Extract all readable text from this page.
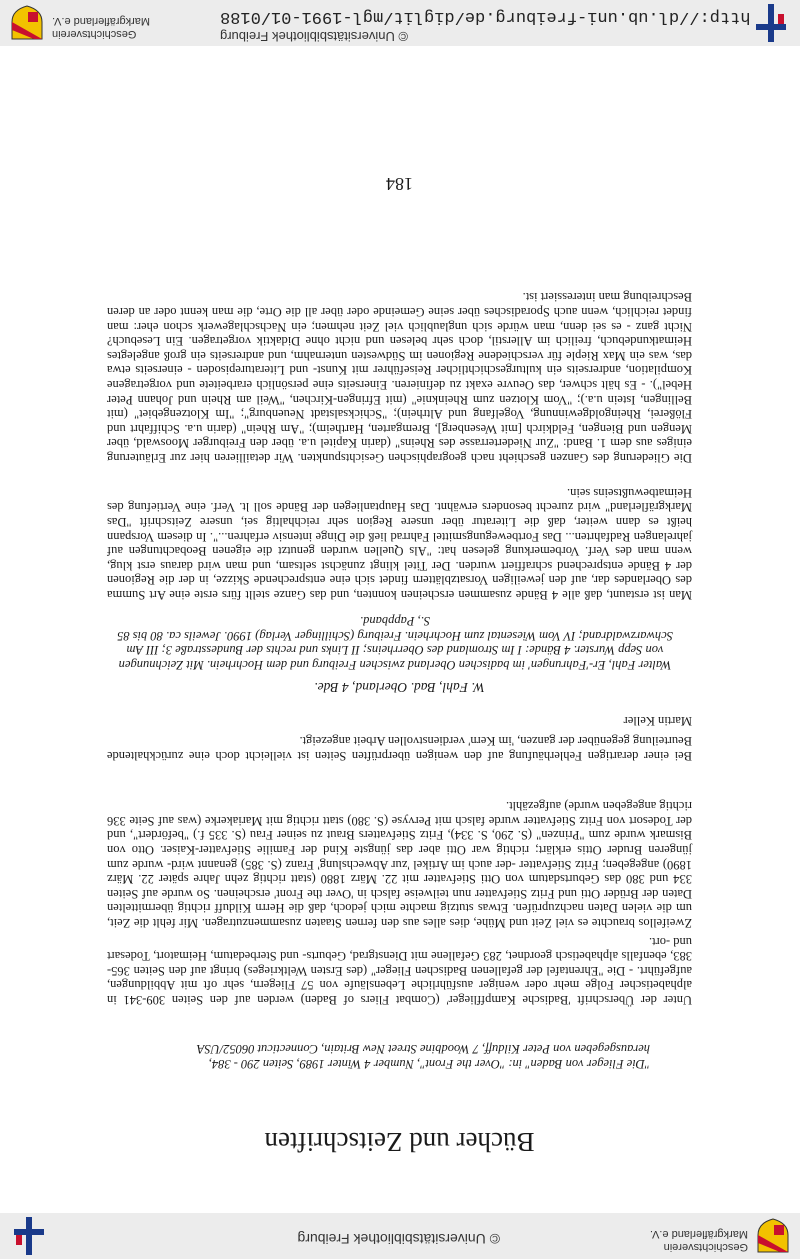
Geschichtsverein
Markgräflerland e.V.
© Universitätsbibliothek Freiburg
Bücher und Zeitschriften

"Die Flieger von Baden" in: "Over the Front", Number 4 Winter 1989, Seiten 290 - 384, herausgegeben von Peter Kilduff, 7 Woodbine Street New Britain, Connecticut 06052/USA

Unter der Überschrift 'Badische Kampfflieger' (Combat Fliers of Baden) werden auf den Seiten 309-341 in alphabetischer Folge mehr oder weniger ausführliche Lebensläufe von 57 Fliegern, sehr oft mit Abbildungen, aufgeführt. - Die "Ehrentafel der gefallenen Badischen Flieger" (des Ersten Weltkrieges) bringt auf den Seiten 365-383, ebenfalls alphabetisch geordnet, 283 Gefallene mit Dienstgrad, Geburts- und Sterbedatum, Heimatort, Todesart und -ort.

Zweifellos brauchte es viel Zeit und Mühe, dies alles aus den fernen Staaten zusammenzutragen. Mir fehlt die Zeit, um die vielen Daten nachzuprüfen. Etwas stutzig machte mich jedoch, daß die Herrn Kilduff richtig übermittelten Daten der Brüder Otti und Fritz Stiefvatter nun teilweise falsch in 'Over the Front' erscheinen. So wurde auf Seiten 334 und 380 das Geburtsdatum von Otti Stiefvatter mit 22. März 1880 (statt richtig zehn Jahre später 22. März 1890) angegeben; Fritz Stiefvatter -der auch im Artikel 'zur Abwechslung' Franz (S. 385) genannt wird- wurde zum jüngeren Bruder Ottis erklärt; richtig war Otti aber das jüngste Kind der Familie Stiefvatter-Kaiser. Otto von Bismark wurde zum "Prinzen" (S. 290, S. 334), Fritz Stiefvatters Braut zu seiner Frau (S. 335 f.) "befördert", und der Todesort von Fritz Stiefvatter wurde falsch mit Pervyse (S. 380) statt richtig mit Mariakerke (was auf Seite 336 richtig angegeben wurde) aufgezählt.

Bei einer derartigen Fehlerhäufung auf den wenigen überprüften Seiten ist vielleicht doch eine zurückhaltende Beurteilung gegenüber der ganzen, 'im Kern' verdienstvollen Arbeit angezeigt.

Martin Keller

W. Fahl, Bad. Oberland, 4 Bde.

Walter Fahl, Er-'Fahrungen' im badischen Oberland zwischen Freiburg und dem Hochrhein. Mit Zeichnungen von Sepp Wurster. 4 Bände: I Im Stromland des Oberrheins; II Links und rechts der Bundesstraße 3; III Am Schwarzwaldrand; IV Vom Wiesental zum Hochrhein. Freiburg (Schillinger Verlag) 1990. Jeweils ca. 80 bis 85 S., Pappband.

Man ist erstaunt, daß alle 4 Bände zusammen erscheinen konnten, und das Ganze stellt fürs erste eine Art Summa des Oberlandes dar, auf den jeweiligen Vorsatzblättern findet sich eine entsprechende Skizze, in der die Regionen der 4 Bände entsprechend schraffiert wurden. Der Titel klingt zunächst seltsam, und man wird daraus erst klug, wenn man des Verf. Vorbemerkung gelesen hat: "Als Quellen wurden genutzt die eigenen Beobachtungen auf jahrelangen Radfahrten... Das Fortbewegungsmittel Fahrrad ließ die Dinge intensiv erfahren...". In diesem Vorspann heißt es dann weiter, daß die Literatur über unsere Region sehr reichhaltig sei, unsere Zeitschrift "Das Markgräflerland" wird zurecht besonders erwähnt. Das Hauptanliegen der Bände soll lt. Verf. eine Vertiefung des Heimatbewußtseins sein.

Die Gliederung des Ganzen geschieht nach geographischen Gesichtspunkten. Wir detaillieren hier zur Erläuterung einiges aus dem 1. Band: "Zur Niederterrasse des Rheins" (darin Kapitel u.a. über den Freiburger Mooswald, über Mengen und Biengen, Feldkirch [mit Wesenberg], Bremgarten, Hartheim); "Am Rhein" (darin u.a. Schiffahrt und Flößerei, Rheingoldgewinnung, Vogelfang und Altrhein); "Schicksalstadt Neuenburg"; "Im Klotzengebiet" (mit Bellingen, Istein u.a.); "Vom Klotzen zum Rheinknie" (mit Efringen-Kirchen, "Weil am Rhein und Johann Peter Hebel"). - Es hält schwer, das Oeuvre exakt zu definieren. Einerseits eine persönlich erarbeitete und vorgetragene Kompilation, andrerseits ein kulturgeschichtlicher Reiseführer mit Kunst- und Literaturepisoden - einerseits etwa das, was ein Max Rieple für verschiedene Regionen im Südwesten unternahm, und andrerseits ein groß angelegtes Heimatkundebuch, freilich im Allerstil, doch sehr belesen und nicht ohne Didaktik vorgetragen. Ein Lesebuch? Nicht ganz - es sei denn, man würde sich unglaublich viel Zeit nehmen; ein Nachschlagewerk schon eher: man findet reichlich, wenn auch Sporadisches über seine Gemeinde oder über all die Orte, die man kennt oder an deren Beschreibung man interessiert ist.

184

© Universitätsbibliothek Freiburg
http://dl.ub.uni-freiburg.de/diglit/mgl-1991-01/0188
Geschichtsverein
Markgräflerland e.V.
